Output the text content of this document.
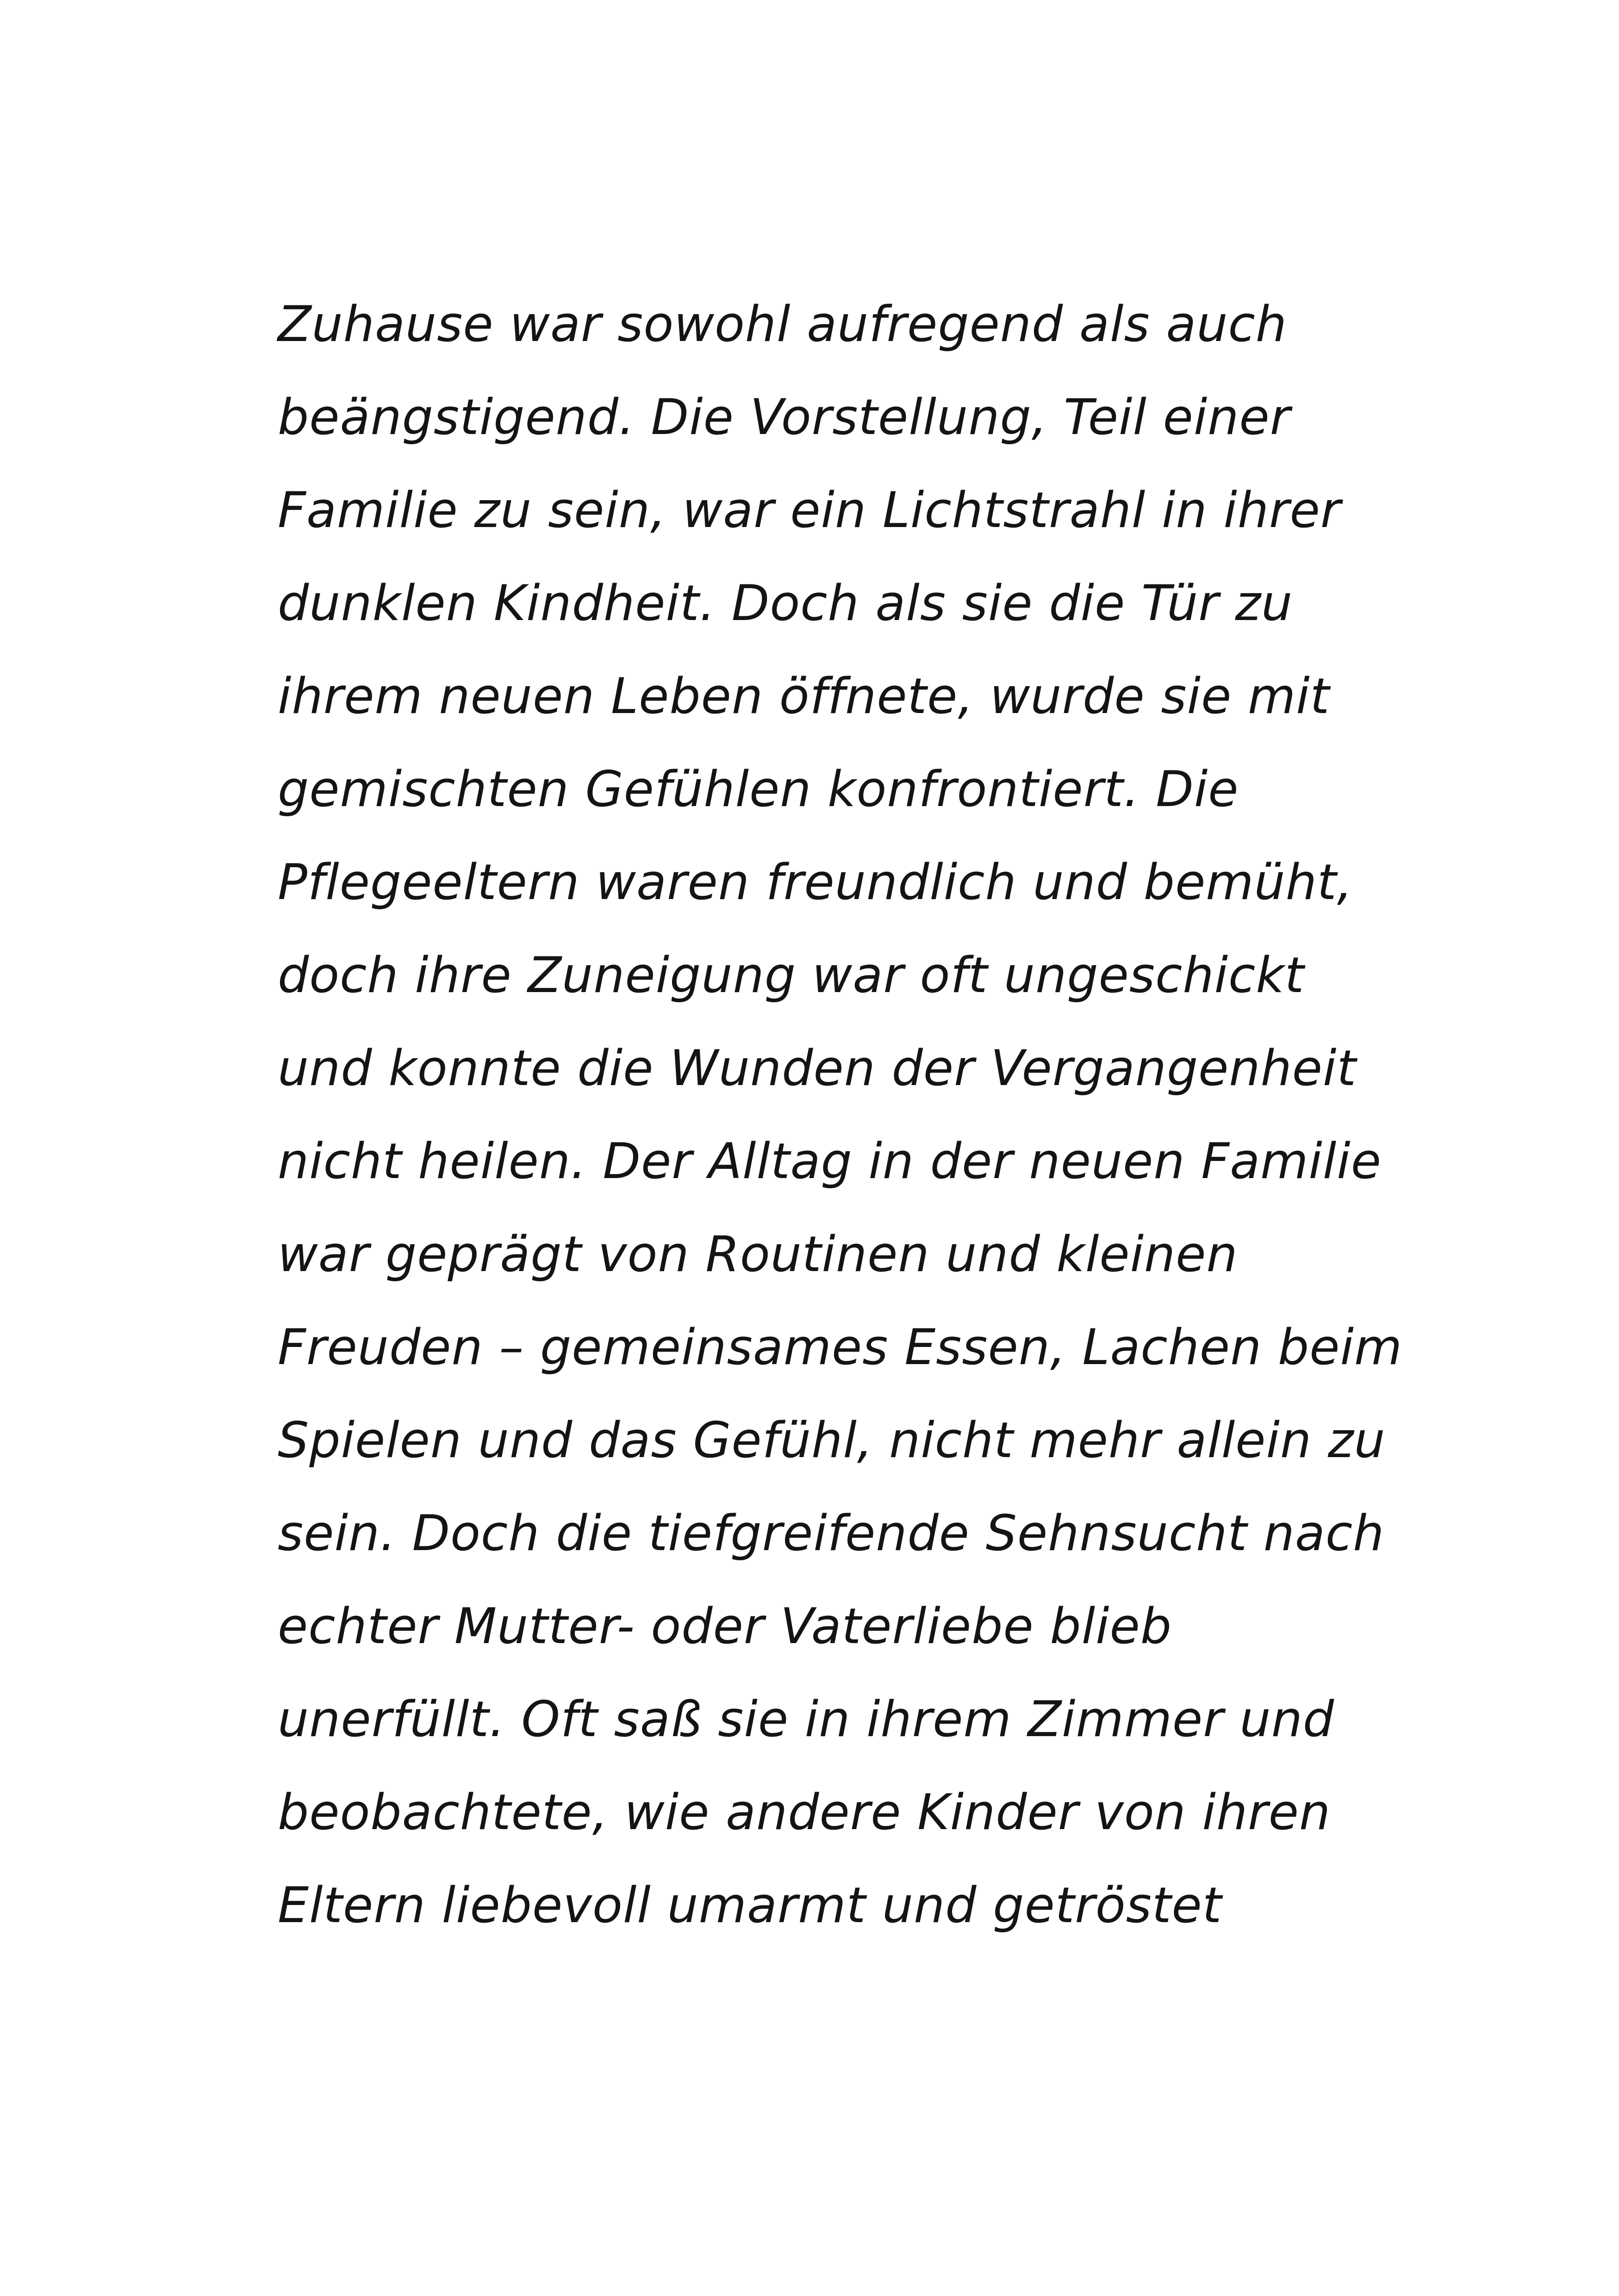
Zuhause war sowohl aufregend als auch
beängstigend. Die Vorstellung, Teil einer
Familie zu sein, war ein Lichtstrahl in ihrer
dunklen Kindheit. Doch als sie die Tür zu
ihrem neuen Leben öffnete, wurde sie mit
gemischten Gefühlen konfrontiert. Die
Pflegeeltern waren freundlich und bemüht,
doch ihre Zuneigung war oft ungeschickt
und konnte die Wunden der Vergangenheit
nicht heilen. Der Alltag in der neuen Familie
war geprägt von Routinen und kleinen
Freuden – gemeinsames Essen, Lachen beim
Spielen und das Gefühl, nicht mehr allein zu
sein. Doch die tiefgreifende Sehnsucht nach
echter Mutter- oder Vaterliebe blieb
unerfüllt. Oft saß sie in ihrem Zimmer und
beobachtete, wie andere Kinder von ihren
Eltern liebevoll umarmt und getröstet
